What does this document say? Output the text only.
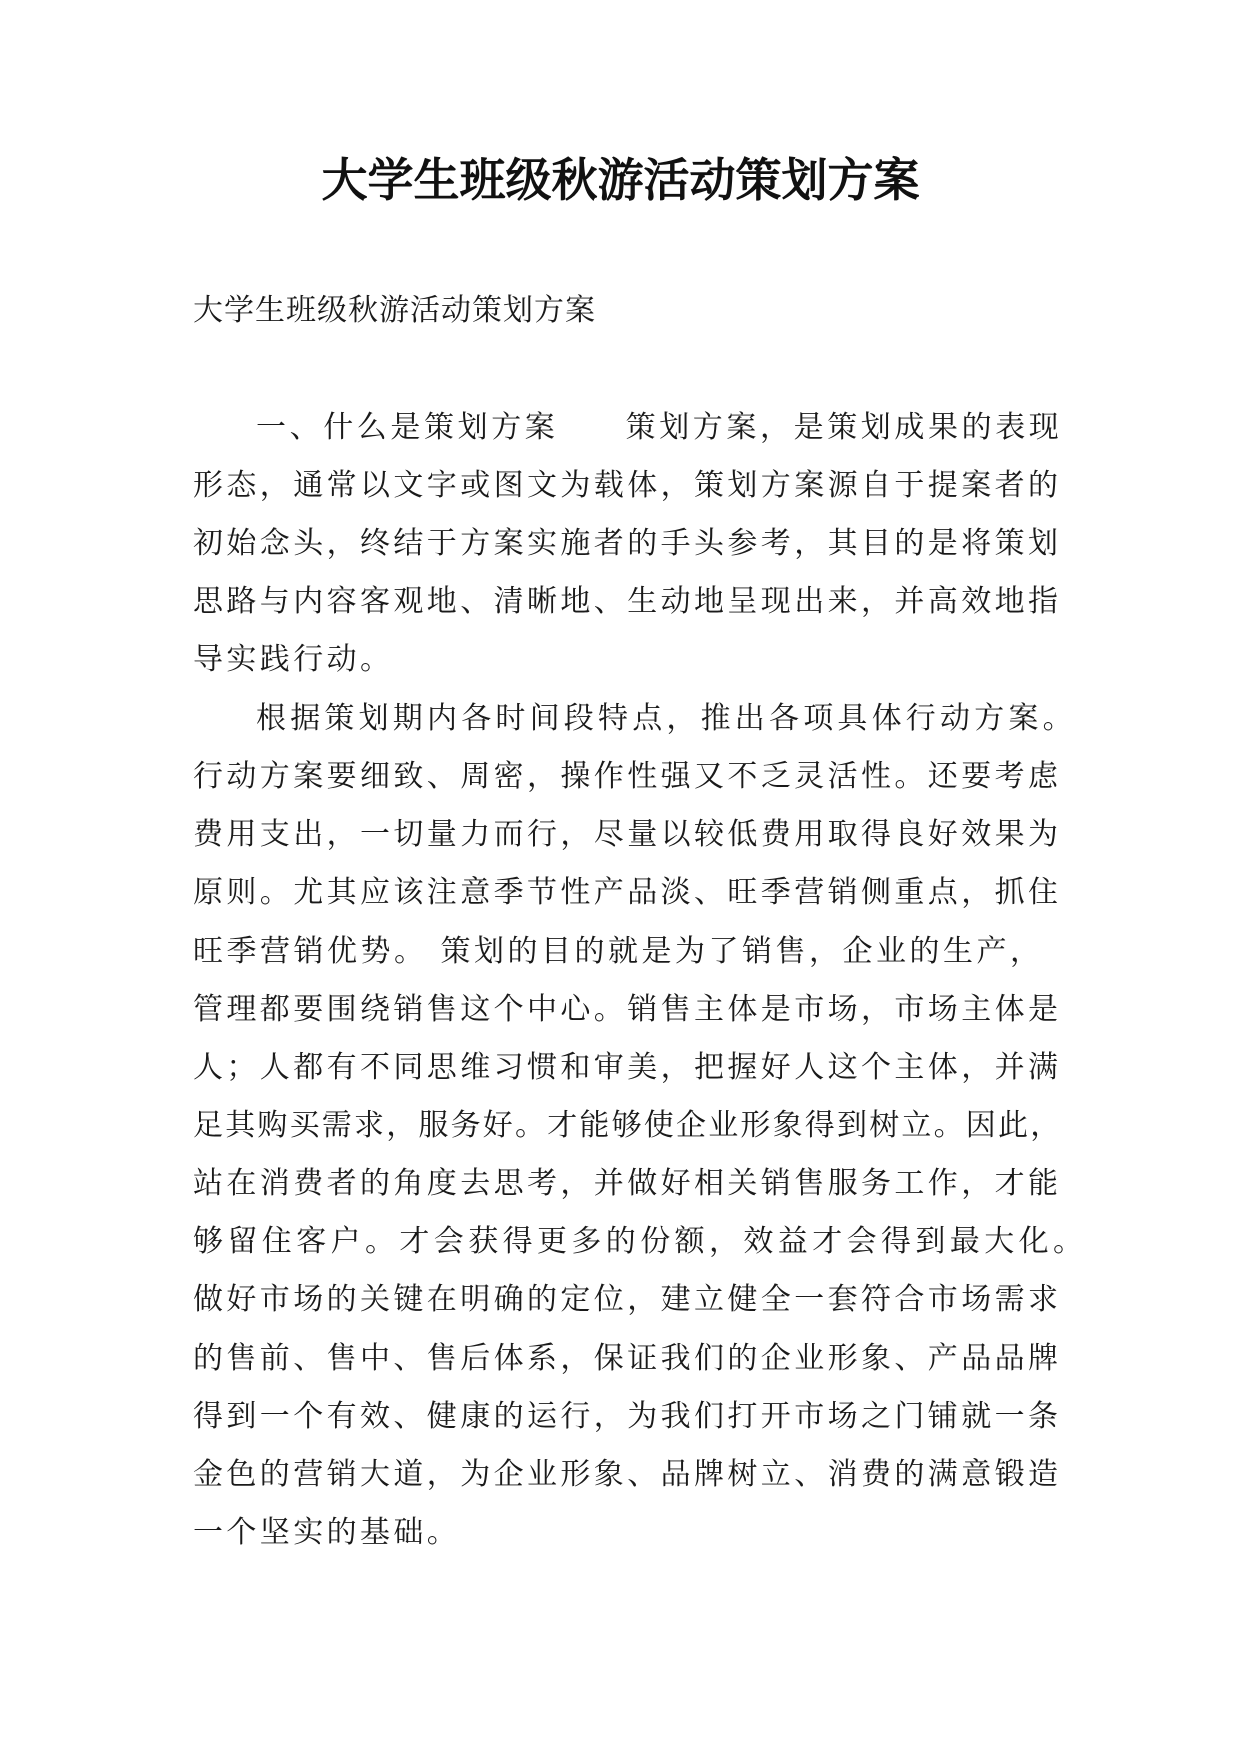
大学生班级秋游活动策划方案

大学生班级秋游活动策划方案

一、什么是策划方案　　策划方案，是策划成果的表现

形态，通常以文字或图文为载体，策划方案源自于提案者的

初始念头，终结于方案实施者的手头参考，其目的是将策划

思路与内容客观地、清晰地、生动地呈现出来，并高效地指

导实践行动。

根据策划期内各时间段特点，推出各项具体行动方案。

行动方案要细致、周密，操作性强又不乏灵活性。还要考虑

费用支出，一切量力而行，尽量以较低费用取得良好效果为

原则。尤其应该注意季节性产品淡、旺季营销侧重点，抓住

旺季营销优势。 策划的目的就是为了销售，企业的生产，

管理都要围绕销售这个中心。销售主体是市场，市场主体是

人；人都有不同思维习惯和审美，把握好人这个主体，并满

足其购买需求，服务好。才能够使企业形象得到树立。因此，

站在消费者的角度去思考，并做好相关销售服务工作，才能

够留住客户。才会获得更多的份额，效益才会得到最大化。

做好市场的关键在明确的定位，建立健全一套符合市场需求

的售前、售中、售后体系，保证我们的企业形象、产品品牌

得到一个有效、健康的运行，为我们打开市场之门铺就一条

金色的营销大道，为企业形象、品牌树立、消费的满意锻造

一个坚实的基础。
